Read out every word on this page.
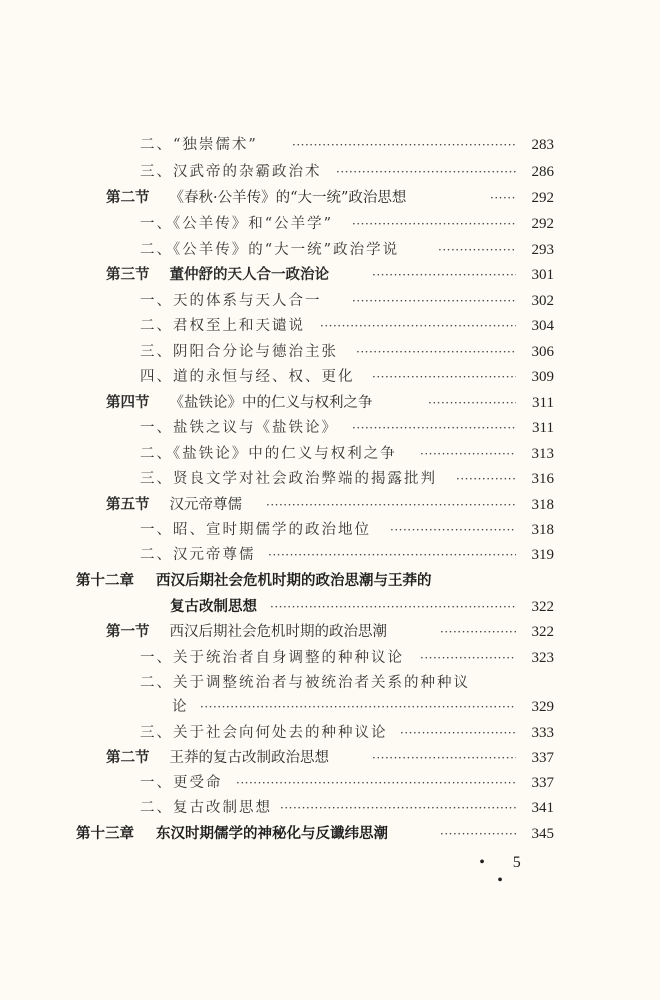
二、“独崇儒术” ·····	283
三、汉武帝的杂霸政治术 ·····	286
第二节 《春秋·公羊传》的“大一统”政治思想 ·····	292
一、《公羊传》和“公羊学” ·····	292
二、《公羊传》的“大一统”政治学说 ·····	293
第三节 董仲舒的天人合一政治论 ·····	301
一、天的体系与天人合一 ·····	302
二、君权至上和天谴说 ·····	304
三、阴阳合分论与德治主张 ·····	306
四、道的永恒与经、权、更化 ·····	309
第四节 《盐铁论》中的仁义与权利之争 ·····	311
一、盐铁之议与《盐铁论》 ·····	311
二、《盐铁论》中的仁义与权利之争 ·····	313
三、贤良文学对社会政治弊端的揭露批判 ·····	316
第五节 汉元帝尊儒 ·····	318
一、昭、宣时期儒学的政治地位 ·····	318
二、汉元帝尊儒 ·····	319
第十二章 西汉后期社会危机时期的政治思潮与王莽的
复古改制思想 ·····	322
第一节 西汉后期社会危机时期的政治思潮 ·····	322
一、关于统治者自身调整的种种议论 ·····	323
二、关于调整统治者与被统治者关系的种种议
论 ·····	329
三、关于社会向何处去的种种议论 ·····	333
第二节 王莽的复古改制政治思想 ·····	337
一、更受命 ·····	337
二、复古改制思想 ·····	341
第十三章 东汉时期儒学的神秘化与反谶纬思潮 ·····	345
• 5 •
